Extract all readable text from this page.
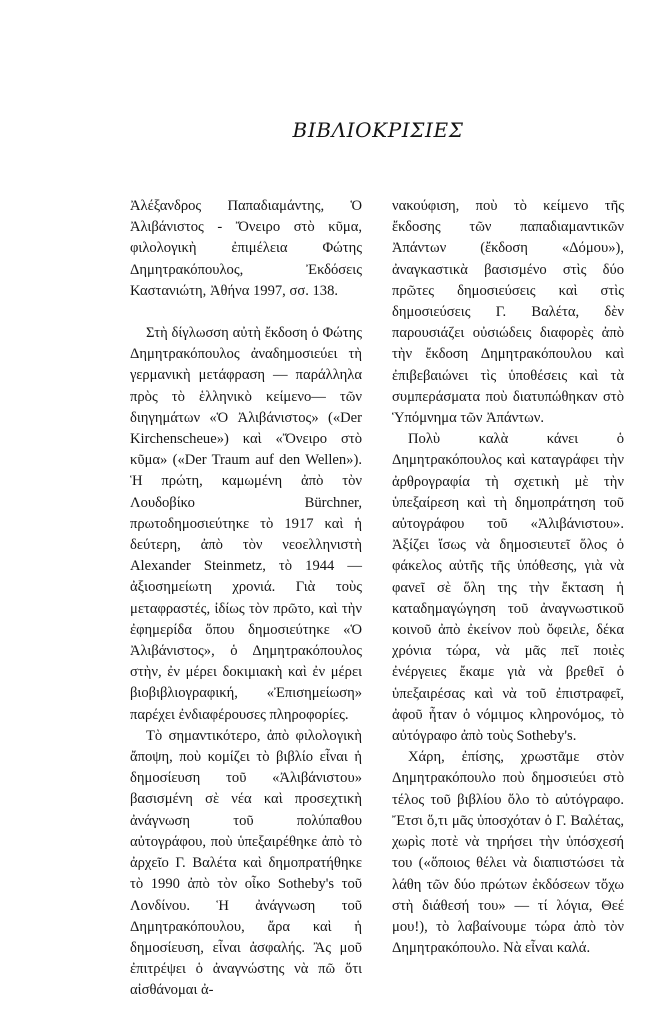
ΒΙΒΛΙΟΚΡΙΣΙΕΣ

Ἀλέξανδρος Παπαδιαμάντης, Ὁ Ἀλιβάνιστος - Ὄνειρο στὸ κῦμα, φιλολογικὴ ἐπιμέλεια Φώτης Δημητρακόπουλος, Ἐκδόσεις Καστανιώτη, Ἀθήνα 1997, σσ. 138.

Στὴ δίγλωσση αὐτὴ ἔκδοση ὁ Φώτης Δημητρακόπουλος ἀναδημοσιεύει τὴ γερμανικὴ μετάφραση — παράλληλα πρὸς τὸ ἑλληνικὸ κείμενο— τῶν διηγημάτων «Ὁ Ἀλιβάνιστος» («Der Kirchenscheue») καὶ «Ὄνειρο στὸ κῦμα» («Der Traum auf den Wellen»). Ἡ πρώτη, καμωμένη ἀπὸ τὸν Λουδοβίκο Bürchner, πρωτοδημοσιεύτηκε τὸ 1917 καὶ ἡ δεύτερη, ἀπὸ τὸν νεοελληνιστὴ Alexander Steinmetz, τὸ 1944 — ἀξιοσημείωτη χρονιά. Γιὰ τοὺς μεταφραστές, ἰδίως τὸν πρῶτο, καὶ τὴν ἐφημερίδα ὅπου δημοσιεύτηκε «Ὁ Ἀλιβάνιστος», ὁ Δημητρακόπουλος στὴν, ἐν μέρει δοκιμιακὴ καὶ ἐν μέρει βιοβιβλιογραφική, «Ἐπισημείωση» παρέχει ἐνδιαφέρουσες πληροφορίες.

Τὸ σημαντικότερο, ἀπὸ φιλολογικὴ ἄποψη, ποὺ κομίζει τὸ βιβλίο εἶναι ἡ δημοσίευση τοῦ «Ἀλιβάνιστου» βασισμένη σὲ νέα καὶ προσεχτικὴ ἀνάγνωση τοῦ πολύπαθου αὐτογράφου, ποὺ ὑπεξαιρέθηκε ἀπὸ τὸ ἀρχεῖο Γ. Βαλέτα καὶ δημοπρατήθηκε τὸ 1990 ἀπὸ τὸν οἶκο Sotheby's τοῦ Λονδίνου. Ἡ ἀνάγνωση τοῦ Δημητρακόπουλου, ἄρα καὶ ἡ δημοσίευση, εἶναι ἀσφαλής. Ἂς μοῦ ἐπιτρέψει ὁ ἀναγνώστης νὰ πῶ ὅτι αἰσθάνομαι ἀ-

νακούφιση, ποὺ τὸ κείμενο τῆς ἔκδοσης τῶν παπαδιαμαντικῶν Ἀπάντων (ἔκδοση «Δόμου»), ἀναγκαστικὰ βασισμένο στὶς δύο πρῶτες δημοσιεύσεις καὶ στὶς δημοσιεύσεις Γ. Βαλέτα, δὲν παρουσιάζει οὐσιώδεις διαφορὲς ἀπὸ τὴν ἔκδοση Δημητρακόπουλου καὶ ἐπιβεβαιώνει τὶς ὑποθέσεις καὶ τὰ συμπεράσματα ποὺ διατυπώθηκαν στὸ Ὑπόμνημα τῶν Ἀπάντων.

Πολὺ καλὰ κάνει ὁ Δημητρακόπουλος καὶ καταγράφει τὴν ἀρθρογραφία τὴ σχετικὴ μὲ τὴν ὑπεξαίρεση καὶ τὴ δημοπράτηση τοῦ αὐτογράφου τοῦ «Ἀλιβάνιστου». Ἀξίζει ἴσως νὰ δημοσιευτεῖ ὅλος ὁ φάκελος αὐτῆς τῆς ὑπόθεσης, γιὰ νὰ φανεῖ σὲ ὅλη της τὴν ἔκταση ἡ καταδημαγώγηση τοῦ ἀναγνωστικοῦ κοινοῦ ἀπὸ ἐκείνον ποὺ ὄφειλε, δέκα χρόνια τώρα, νὰ μᾶς πεῖ ποιὲς ἐνέργειες ἔκαμε γιὰ νὰ βρεθεῖ ὁ ὑπεξαιρέσας καὶ νὰ τοῦ ἐπιστραφεῖ, ἀφοῦ ἦταν ὁ νόμιμος κληρονόμος, τὸ αὐτόγραφο ἀπὸ τοὺς Sotheby's.

Χάρη, ἐπίσης, χρωστᾶμε στὸν Δημητρακόπουλο ποὺ δημοσιεύει στὸ τέλος τοῦ βιβλίου ὅλο τὸ αὐτόγραφο. Ἔτσι ὅ,τι μᾶς ὑποσχόταν ὁ Γ. Βαλέτας, χωρὶς ποτὲ νὰ τηρήσει τὴν ὑπόσχεσή του («ὅποιος θέλει νὰ διαπιστώσει τὰ λάθη τῶν δύο πρώτων ἐκδόσεων τὄχω στὴ διάθεσή του» — τί λόγια, Θεέ μου!), τὸ λαβαίνουμε τώρα ἀπὸ τὸν Δημητρακόπουλο. Νὰ εἶναι καλά.
